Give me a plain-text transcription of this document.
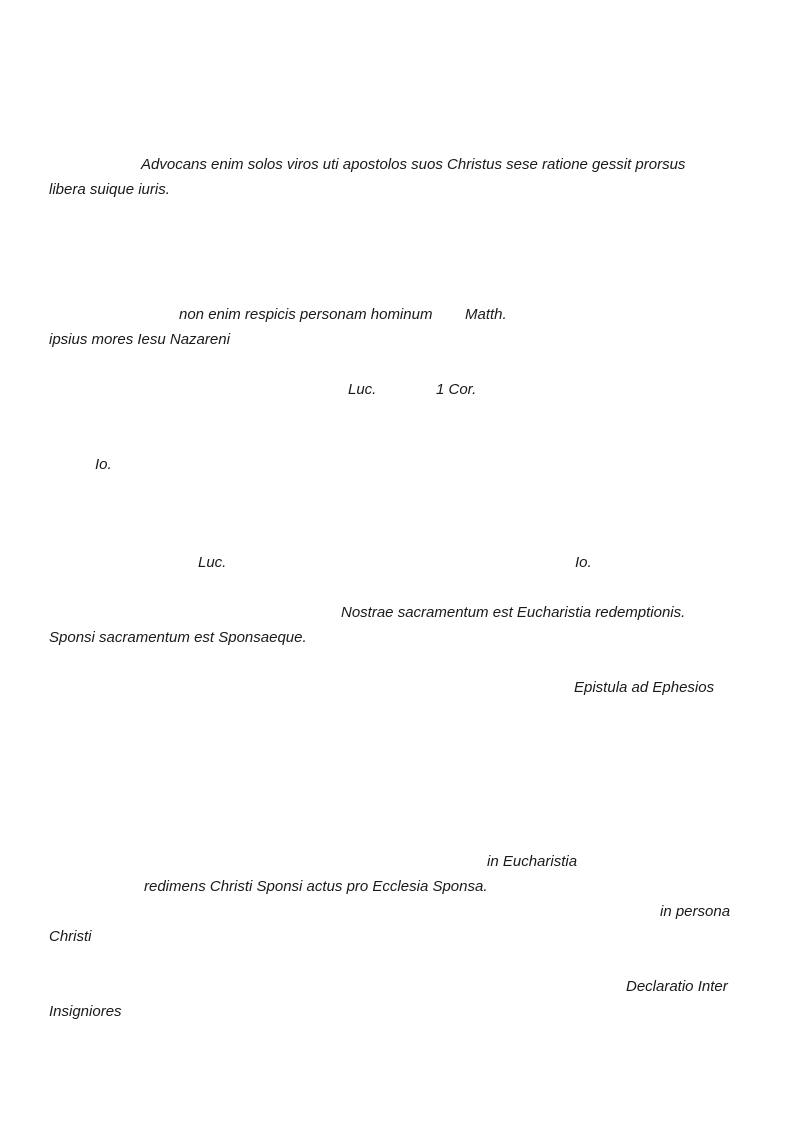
Advocans enim solos viros uti apostolos suos Christus sese ratione gessit prorsus
libera suique iuris.
non enim respicis personam hominum Matth.
ipsius mores Iesu Nazareni
Luc.	1 Cor.
Io.
Luc.	Io.
Nostrae sacramentum est Eucharistia redemptionis.
Sponsi sacramentum est Sponsaeque.
Epistula ad Ephesios
in Eucharistia
redimens Christi Sponsi actus pro Ecclesia Sponsa.
in persona
Christi
Declaratio Inter
Insigniores
